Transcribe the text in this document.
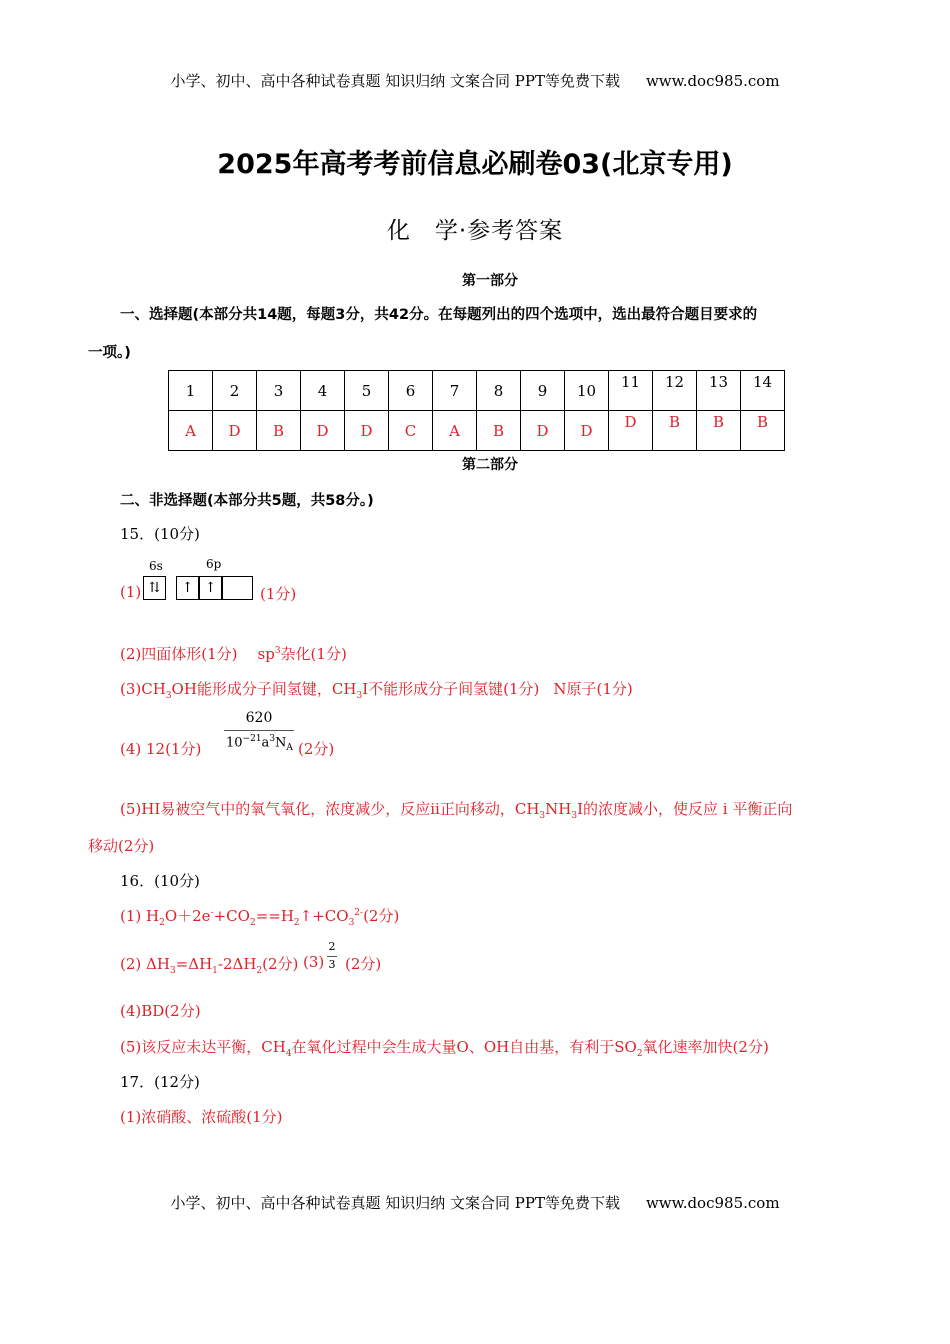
小学、初中、高中各种试卷真题 知识归纳 文案合同 PPT等免费下载 www.doc985.com
2025年高考考前信息必刷卷03(北京专用)
化　学·参考答案
第一部分
一、选择题(本部分共14题，每题3分，共42分。在每题列出的四个选项中，选出最符合题目要求的
一项。)
1	2	3	4	5	6	7	8	9	10	11	12	13	14
A	D	B	D	D	C	A	B	D	D	D	B	B	B
第二部分
二、非选择题(本部分共5题，共58分。)
15．(10分)
6s	6p
(1) ⇅	↑ ↑	(1分)
(2)四面体形(1分) $sp^3$杂化(1分)
$(3)CH_3OH$能形成分子间氢键，$CH_3I$不能形成分子间氢键(1分) N原子(1分)
(4) 12(1分)
620
$10^{-21}a^3N_A$ (2分)
(5)HI易被空气中的氧气氧化，浓度减少，反应ii正向移动，$CH_3NH_3I$的浓度减小，使反应 i 平衡正向
移动(2分)
16．(10分)
(1) $H_2O+2e^-+CO_2==H_2↑+CO_3^{2-}(2$分)
(2) $\Delta H_3=\Delta H_1-2\Delta H_2(2$分) (3)
2
3 (2分)
(4)BD(2分)
(5)该反应未达平衡，$CH_4$在氧化过程中会生成大量O、OH自由基，有利于$SO_2$氧化速率加快(2分)
17．(12分)
(1)浓硝酸、浓硫酸(1分)
小学、初中、高中各种试卷真题 知识归纳 文案合同 PPT等免费下载 www.doc985.com
